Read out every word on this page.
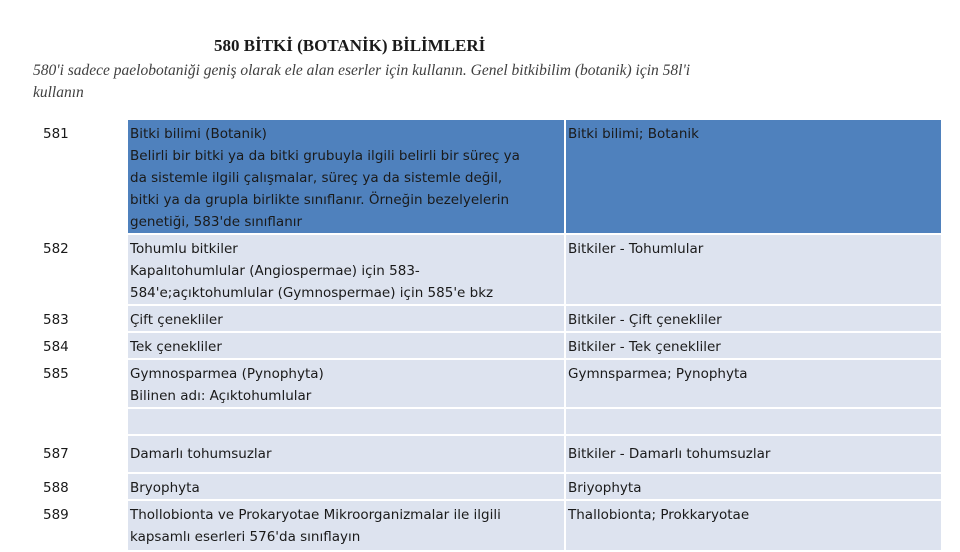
580 BİTKİ (BOTANİK) BİLİMLERİ

580'i sadece paelobotaniği geniş olarak ele alan eserler için kullanın. Genel bitkibilim (botanik) için 58l'i kullanın

581	Bitki bilimi (Botanik)
Belirli bir bitki ya da bitki grubuyla ilgili belirli bir süreç ya
da sistemle ilgili çalışmalar, süreç ya da sistemle değil,
bitki ya da grupla birlikte sınıflanır. Örneğin bezelyelerin
genetiği, 583'de sınıflanır	Bitki bilimi; Botanik

582	Tohumlu bitkiler
Kapalıtohumlular (Angiospermae) için 583-
584'e;açıktohumlular (Gymnospermae) için 585'e bkz	Bitkiler - Tohumlular

583	Çift çenekliler	Bitkiler - Çift çenekliler

584	Tek çenekliler	Bitkiler - Tek çenekliler

585	Gymnosparmea (Pynophyta)
Bilinen adı: Açıktohumlular	Gymnsparmea; Pynophyta

587	Damarlı tohumsuzlar	Bitkiler - Damarlı tohumsuzlar

588	Bryophyta	Briyophyta

589	Thollobionta ve Prokaryotae Mikroorganizmalar ile ilgili
kapsamlı eserleri 576'da sınıflayın	Thallobionta; Prokkaryotae
